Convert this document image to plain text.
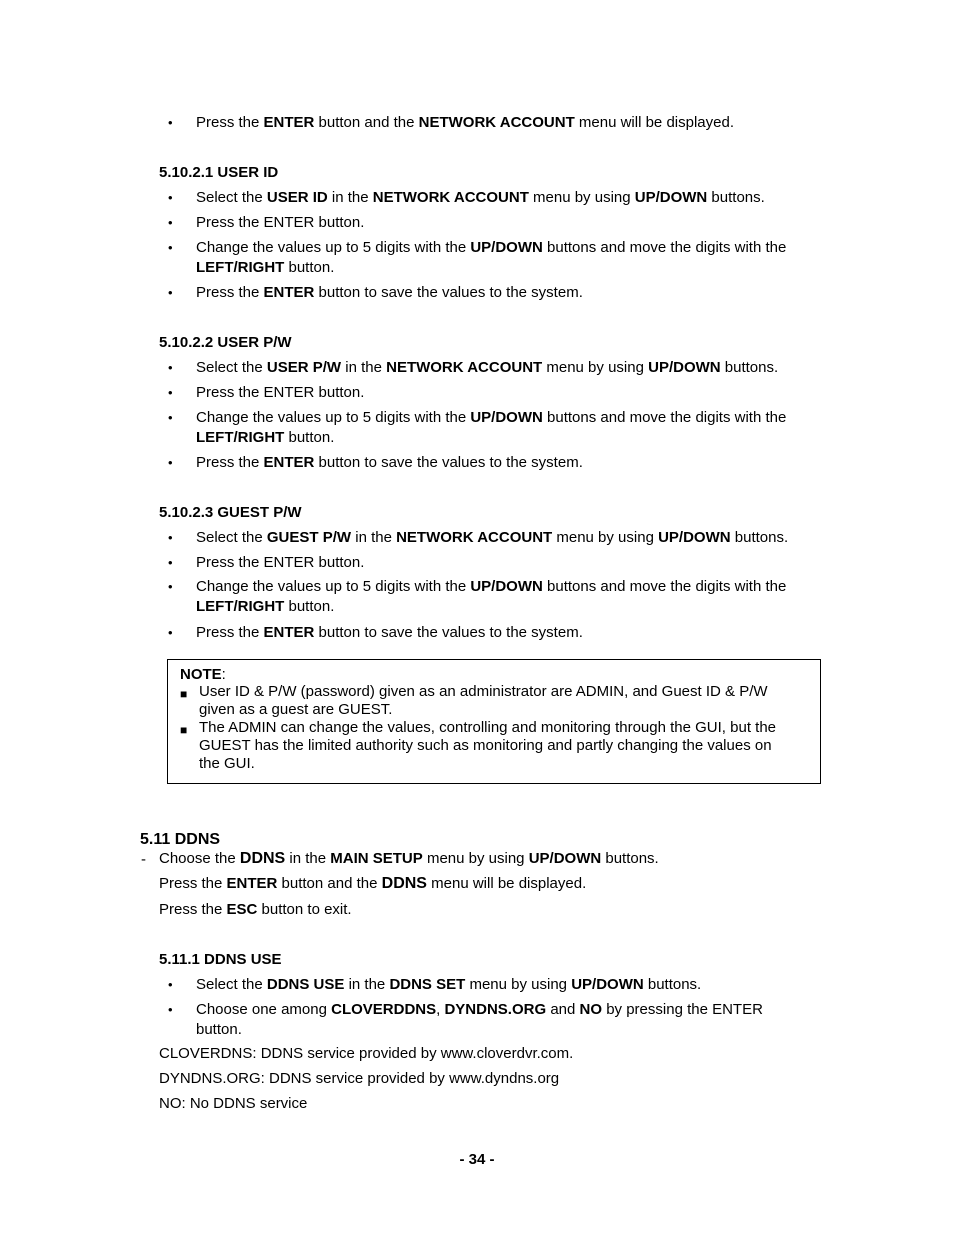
• Press the ENTER button and the NETWORK ACCOUNT menu will be displayed.
5.10.2.1 USER ID
• Select the USER ID in the NETWORK ACCOUNT menu by using UP/DOWN buttons.
• Press the ENTER button.
• Change the values up to 5 digits with the UP/DOWN buttons and move the digits with the
LEFT/RIGHT button.
• Press the ENTER button to save the values to the system.
5.10.2.2 USER P/W
• Select the USER P/W in the NETWORK ACCOUNT menu by using UP/DOWN buttons.
• Press the ENTER button.
• Change the values up to 5 digits with the UP/DOWN buttons and move the digits with the
LEFT/RIGHT button.
• Press the ENTER button to save the values to the system.
5.10.2.3 GUEST P/W
• Select the GUEST P/W in the NETWORK ACCOUNT menu by using UP/DOWN buttons.
• Press the ENTER button.
• Change the values up to 5 digits with the UP/DOWN buttons and move the digits with the
LEFT/RIGHT button.
• Press the ENTER button to save the values to the system.
NOTE:
■ User ID & P/W (password) given as an administrator are ADMIN, and Guest ID & P/W
given as a guest are GUEST.
■ The ADMIN can change the values, controlling and monitoring through the GUI, but the
GUEST has the limited authority such as monitoring and partly changing the values on
the GUI.
5.11 DDNS
- Choose the DDNS in the MAIN SETUP menu by using UP/DOWN buttons.
Press the ENTER button and the DDNS menu will be displayed.
Press the ESC button to exit.
5.11.1 DDNS USE
• Select the DDNS USE in the DDNS SET menu by using UP/DOWN buttons.
• Choose one among CLOVERDDNS, DYNDNS.ORG and NO by pressing the ENTER
button.
CLOVERDNS: DDNS service provided by www.cloverdvr.com.
DYNDNS.ORG: DDNS service provided by www.dyndns.org
NO: No DDNS service
- 34 -
